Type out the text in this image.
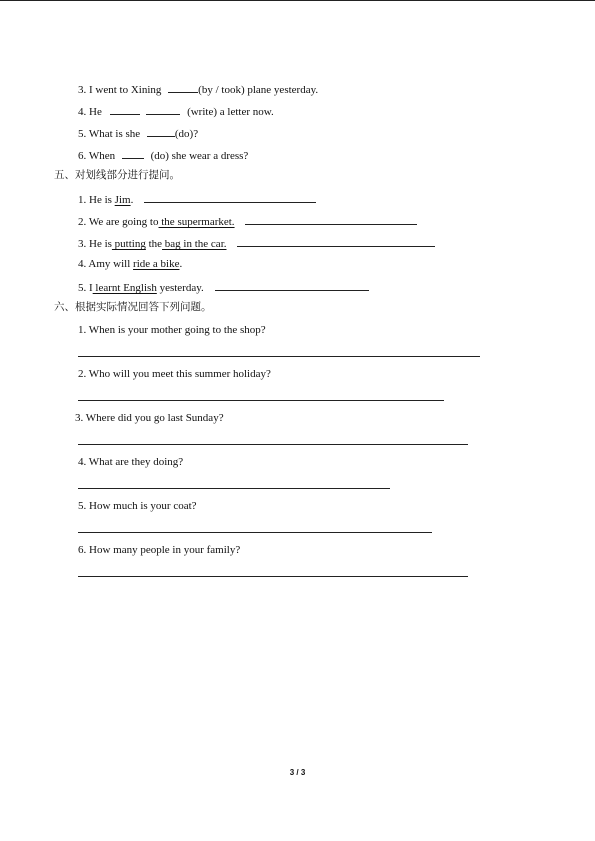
3. I went to Xining	(by / took) plane yesterday.
4. He	(write) a letter now.
5. What is she	(do)?
6. When	(do) she wear a dress?
五、对划线部分进行提问。
1. He is Jim.
2. We are going to the supermarket.
3. He is putting the bag in the car.
4. Amy will ride a bike.
5. I learnt English yesterday.
六、根据实际情况回答下列问题。
1. When is your mother going to the shop?
2. Who will you meet this summer holiday?
3. Where did you go last Sunday?
4. What are they doing?
5. How much is your coat?
6. How many people in your family?
3 / 3
